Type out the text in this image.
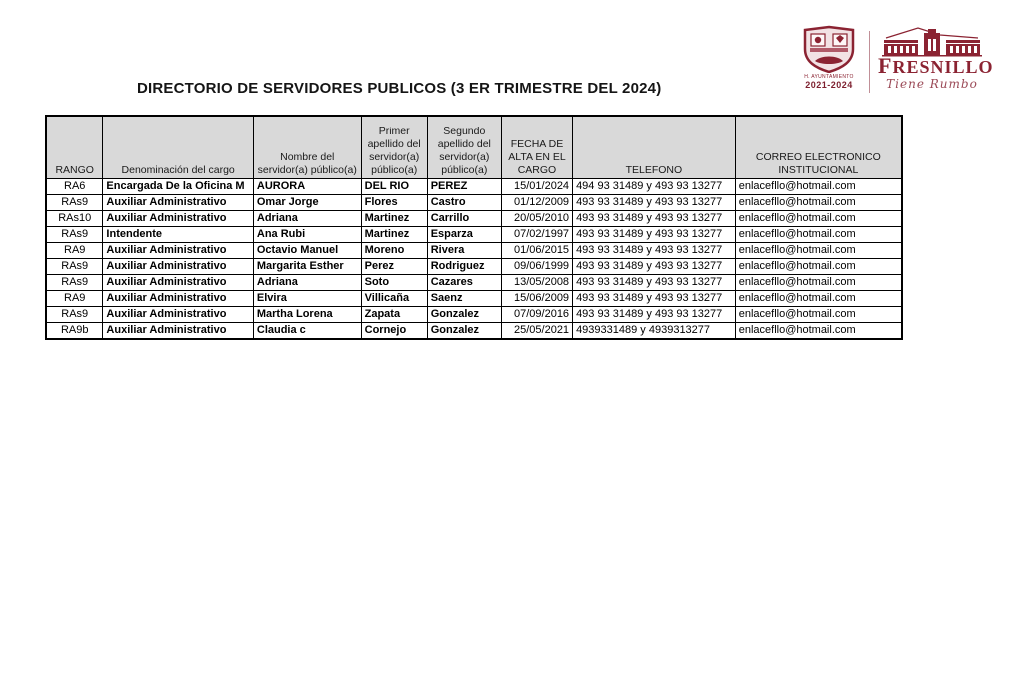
DIRECTORIO DE SERVIDORES PUBLICOS (3 ER TRIMESTRE DEL 2024)
H. AYUNTAMIENTO
2021-2024
FRESNILLO
Tiene Rumbo
RANGO	Denominación del cargo	Nombre del servidor(a) público(a)	Primer apellido del servidor(a) público(a)	Segundo apellido del servidor(a) público(a)	FECHA DE ALTA EN EL CARGO	TELEFONO	CORREO ELECTRONICO INSTITUCIONAL

RA6	Encargada De la Oficina M	AURORA	DEL RIO	PEREZ	15/01/2024	494 93 31489 y 493 93 13277	enlacefllo@hotmail.com
RAs9	Auxiliar Administrativo	Omar Jorge	Flores	Castro	01/12/2009	493 93 31489 y 493 93 13277	enlacefllo@hotmail.com
RAs10	Auxiliar Administrativo	Adriana	Martinez	Carrillo	20/05/2010	493 93 31489 y 493 93 13277	enlacefllo@hotmail.com
RAs9	Intendente	Ana Rubi	Martinez	Esparza	07/02/1997	493 93 31489 y 493 93 13277	enlacefllo@hotmail.com
RA9	Auxiliar Administrativo	Octavio Manuel	Moreno	Rivera	01/06/2015	493 93 31489 y 493 93 13277	enlacefllo@hotmail.com
RAs9	Auxiliar Administrativo	Margarita Esther	Perez	Rodriguez	09/06/1999	493 93 31489 y 493 93 13277	enlacefllo@hotmail.com
RAs9	Auxiliar Administrativo	Adriana	Soto	Cazares	13/05/2008	493 93 31489 y 493 93 13277	enlacefllo@hotmail.com
RA9	Auxiliar Administrativo	Elvira	Villicaña	Saenz	15/06/2009	493 93 31489 y 493 93 13277	enlacefllo@hotmail.com
RAs9	Auxiliar Administrativo	Martha Lorena	Zapata	Gonzalez	07/09/2016	493 93 31489 y 493 93 13277	enlacefllo@hotmail.com
RA9b	Auxiliar Administrativo	Claudia c	Cornejo	Gonzalez	25/05/2021	4939331489 y 4939313277	enlacefllo@hotmail.com
